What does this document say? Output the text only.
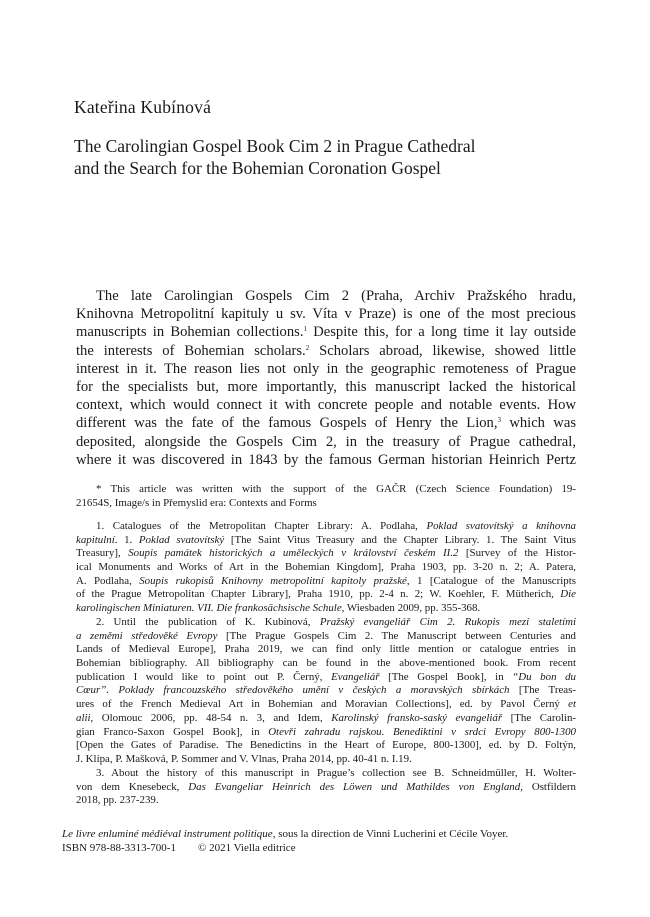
Kateřina Kubínová
The Carolingian Gospel Book Cim 2 in Prague Cathedral
and the Search for the Bohemian Coronation Gospel
The late Carolingian Gospels Cim 2 (Praha, Archiv Pražského hradu,
Knihovna Metropolitní kapituly u sv. Víta v Praze) is one of the most precious
manuscripts in Bohemian collections.$^1$ Despite this, for a long time it lay outside
the interests of Bohemian scholars.$^2$ Scholars abroad, likewise, showed little
interest in it. The reason lies not only in the geographic remoteness of Prague
for the specialists but, more importantly, this manuscript lacked the historical
context, which would connect it with concrete people and notable events. How
different was the fate of the famous Gospels of Henry the Lion,$^3$ which was
deposited, alongside the Gospels Cim 2, in the treasury of Prague cathedral,
where it was discovered in 1843 by the famous German historian Heinrich Pertz
* This article was written with the support of the GAČR (Czech Science Foundation) 19-
21654S, Image/s in Přemyslid era: Contexts and Forms
1. Catalogues of the Metropolitan Chapter Library: A. Podlaha, Poklad svatovítský a knihovna
kapitulní. 1. Poklad svatovítský [The Saint Vitus Treasury and the Chapter Library. 1. The Saint Vitus
Treasury], Soupis památek historických a uměleckých v království českém II.2 [Survey of the Histor-
ical Monuments and Works of Art in the Bohemian Kingdom], Praha 1903, pp. 3-20 n. 2; A. Patera,
A. Podlaha, Soupis rukopisů Knihovny metropolitní kapitoly pražské, 1 [Catalogue of the Manuscripts
of the Prague Metropolitan Chapter Library], Praha 1910, pp. 2-4 n. 2; W. Koehler, F. Mütherich, Die
karolingischen Miniaturen. VII. Die frankosächsische Schule, Wiesbaden 2009, pp. 355-368.
2. Until the publication of K. Kubínová, Pražský evangeliář Cim 2. Rukopis mezi staletími
a zeměmi středověké Evropy [The Prague Gospels Cim 2. The Manuscript between Centuries and
Lands of Medieval Europe], Praha 2019, we can find only little mention or catalogue entries in
Bohemian bibliography. All bibliography can be found in the above-mentioned book. From recent
publication I would like to point out P. Černý, Evangeliář [The Gospel Book], in “Du bon du
Cœur”. Poklady francouzského středověkého umění v českých a moravských sbírkách [The Treas-
ures of the French Medieval Art in Bohemian and Moravian Collections], ed. by Pavol Černý et
alii, Olomouc 2006, pp. 48-54 n. 3, and Idem, Karolinský fransko-saský evangeliář [The Carolin-
gian Franco-Saxon Gospel Book], in Otevři zahradu rajskou. Benediktini v srdci Evropy 800-1300
[Open the Gates of Paradise. The Benedictins in the Heart of Europe, 800-1300], ed. by D. Foltýn,
J. Klípa, P. Mašková, P. Sommer and V. Vlnas, Praha 2014, pp. 40-41 n. I.19.
3. About the history of this manuscript in Prague’s collection see B. Schneidmüller, H. Wolter-
von dem Knesebeck, Das Evangeliar Heinrich des Löwen und Mathildes von England, Ostfildern
2018, pp. 237-239.
Le livre enluminé médiéval instrument politique, sous la direction de Vinni Lucherini et Cécile Voyer.
ISBN 978-88-3313-700-1 © 2021 Viella editrice
